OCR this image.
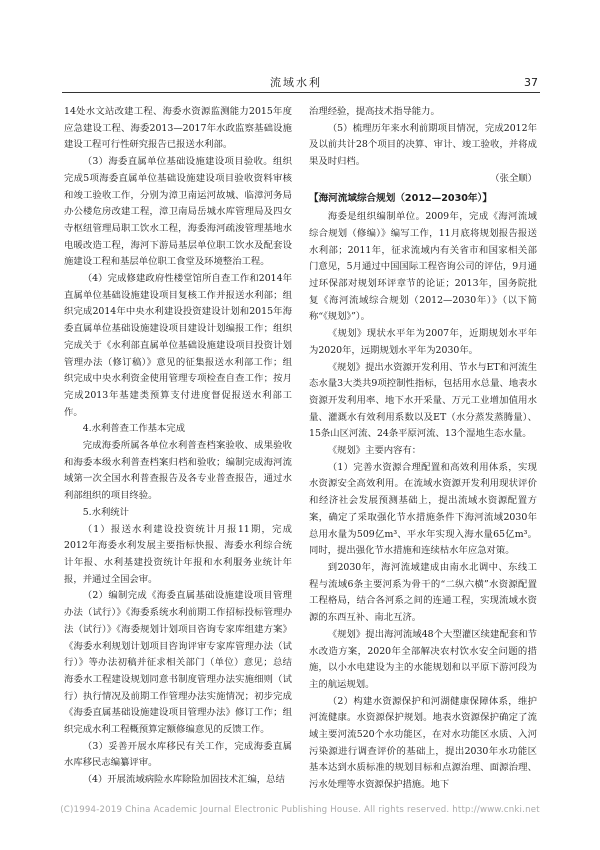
流域水利	37

14处水文站改建工程、海委水资源监测能力2015年度应急建设工程、海委2013—2017年水政监察基础设施建设工程可行性研究报告已报送水利部。

（3）海委直属单位基础设施建设项目验收。组织完成5项海委直属单位基础设施建设项目验收资料审核和竣工验收工作，分别为漳卫南运河故城、临漳河务局办公楼危房改建工程，漳卫南局岳城水库管理局及四女寺枢纽管理局职工饮水工程，海委海河疏浚管理基地水电暖改造工程，海河下游局基层单位职工饮水及配套设施建设工程和基层单位职工食堂及环境整治工程。

（4）完成修建政府性楼堂馆所自查工作和2014年直属单位基础设施建设项目复核工作并报送水利部；组织完成2014年中央水利建设投资建设计划和2015年海委直属单位基础设施建设项目建设计划编报工作；组织完成关于《水利部直属单位基础设施建设项目投资计划管理办法（修订稿）》意见的征集报送水利部工作；组织完成中央水利资金使用管理专项检查自查工作；按月完成2013年基建类预算支付进度督促报送水利部工作。

4.水利普查工作基本完成

完成海委所属各单位水利普查档案验收、成果验收和海委本级水利普查档案归档和验收；编制完成海河流域第一次全国水利普查报告及各专业普查报告，通过水利部组织的项目终验。

5.水利统计

（1）报送水利建设投资统计月报11期，完成2012年海委水利发展主要指标快报、海委水利综合统计年报、水利基建投资统计年报和水利服务业统计年报，并通过全国会审。

（2）编制完成《海委直属基础设施建设项目管理办法（试行）》《海委系统水利前期工作招标投标管理办法（试行）》《海委规划计划项目咨询专家库组建方案》《海委水利规划计划项目咨询评审专家库管理办法（试行）》等办法初稿并征求相关部门（单位）意见；总结海委水工程建设规划同意书制度管理办法实施细则（试行）执行情况及前期工作管理办法实施情况；初步完成《海委直属基础设施建设项目管理办法》修订工作；组织完成水利工程概预算定额修编意见的反馈工作。

（3）妥善开展水库移民有关工作，完成海委直属水库移民志编纂评审。

（4）开展流域病险水库除险加固技术汇编，总结

治理经验，提高技术指导能力。

（5）梳理历年来水利前期项目情况，完成2012年及以前共计28个项目的决算、审计、竣工验收，并将成果及时归档。

（张全顺）

【海河流域综合规划（2012—2030年）】

海委是组织编制单位。2009年，完成《海河流域综合规划（修编）》编写工作，11月底将规划报告报送水利部；2011年，征求流域内有关省市和国家相关部门意见，5月通过中国国际工程咨询公司的评估，9月通过环保部对规划环评章节的论证；2013年，国务院批复《海河流域综合规划（2012—2030年）》（以下简称“《规划》”）。

《规划》现状水平年为2007年，近期规划水平年为2020年，远期规划水平年为2030年。

《规划》提出水资源开发利用、节水与ET和河流生态水量3大类共9项控制性指标，包括用水总量、地表水资源开发利用率、地下水开采量、万元工业增加值用水量、灌溉水有效利用系数以及ET（水分蒸发蒸腾量）、15条山区河流、24条平原河流、13个湿地生态水量。

《规划》主要内容有：

（1）完善水资源合理配置和高效利用体系，实现水资源安全高效利用。在流域水资源开发利用现状评价和经济社会发展预测基础上，提出流域水资源配置方案，确定了采取强化节水措施条件下海河流域2030年总用水量为509亿m³、平水年实现入海水量65亿m³。同时，提出强化节水措施和连续枯水年应急对策。

到2030年，海河流域建成由南水北调中、东线工程与流域6条主要河系为骨干的“二纵六横”水资源配置工程格局，结合各河系之间的连通工程，实现流域水资源的东西互补、南北互济。

《规划》提出海河流域48个大型灌区续建配套和节水改造方案，2020年全部解决农村饮水安全问题的措施，以小水电建设为主的水能规划和以平原下游河段为主的航运规划。

（2）构建水资源保护和河湖健康保障体系，维护河流健康。水资源保护规划。地表水资源保护确定了流域主要河流520个水功能区，在对水功能区水质、入河污染源进行调查评价的基础上，提出2030年水功能区基本达到水质标准的规划目标和点源治理、面源治理、污水处理等水资源保护措施。地下

(C)1994-2019 China Academic Journal Electronic Publishing House. All rights reserved. http://www.cnki.net
